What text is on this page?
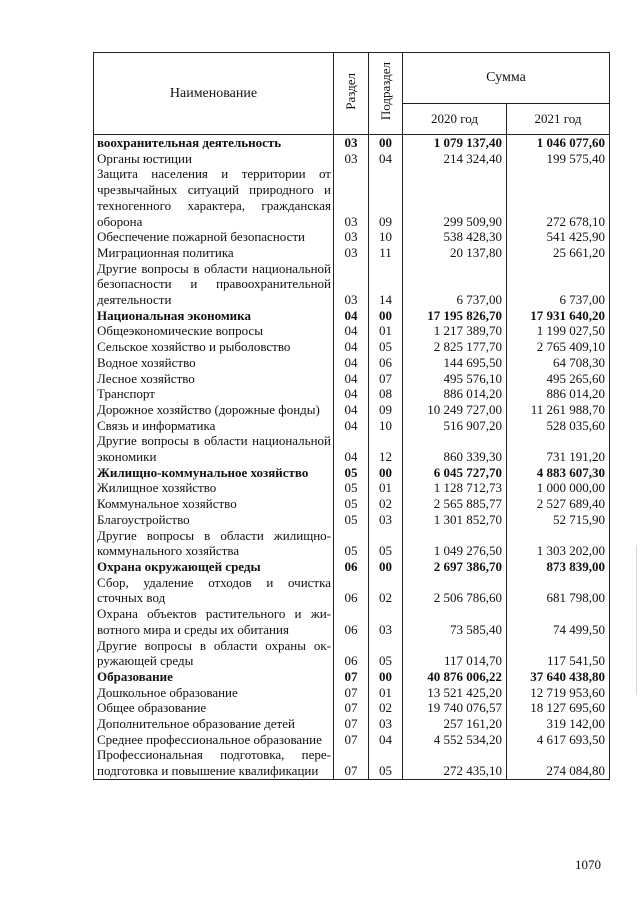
Наименование	Раздел	Подраздел	Сумма	
			2020 год	2021 год
воохранительная деятельность	03	00	1 079 137,40	1 046 077,60
Органы юстиции	03	04	214 324,40	199 575,40
Защита населения и территории от чрезвычайных ситуаций природного и техногенного характера, гражданская оборона	03	09	299 509,90	272 678,10
Обеспечение пожарной безопасности	03	10	538 428,30	541 425,90
Миграционная политика	03	11	20 137,80	25 661,20
Другие вопросы в области национальной безопасности и правоохранительной деятельности	03	14	6 737,00	6 737,00
Национальная экономика	04	00	17 195 826,70	17 931 640,20
Общеэкономические вопросы	04	01	1 217 389,70	1 199 027,50
Сельское хозяйство и рыболовство	04	05	2 825 177,70	2 765 409,10
Водное хозяйство	04	06	144 695,50	64 708,30
Лесное хозяйство	04	07	495 576,10	495 265,60
Транспорт	04	08	886 014,20	886 014,20
Дорожное хозяйство (дорожные фонды)	04	09	10 249 727,00	11 261 988,70
Связь и информатика	04	10	516 907,20	528 035,60
Другие вопросы в области национальной экономики	04	12	860 339,30	731 191,20
Жилищно-коммунальное хозяйство	05	00	6 045 727,70	4 883 607,30
Жилищное хозяйство	05	01	1 128 712,73	1 000 000,00
Коммунальное хозяйство	05	02	2 565 885,77	2 527 689,40
Благоустройство	05	03	1 301 852,70	52 715,90
Другие вопросы в области жилищно-коммунального хозяйства	05	05	1 049 276,50	1 303 202,00
Охрана окружающей среды	06	00	2 697 386,70	873 839,00
Сбор, удаление отходов и очистка сточных вод	06	02	2 506 786,60	681 798,00
Охрана объектов растительного и животного мира и среды их обитания	06	03	73 585,40	74 499,50
Другие вопросы в области охраны окружающей среды	06	05	117 014,70	117 541,50
Образование	07	00	40 876 006,22	37 640 438,80
Дошкольное образование	07	01	13 521 425,20	12 719 953,60
Общее образование	07	02	19 740 076,57	18 127 695,60
Дополнительное образование детей	07	03	257 161,20	319 142,00
Среднее профессиональное образование	07	04	4 552 534,20	4 617 693,50
Профессиональная подготовка, переподготовка и повышение квалификации	07	05	272 435,10	274 084,80
1070
